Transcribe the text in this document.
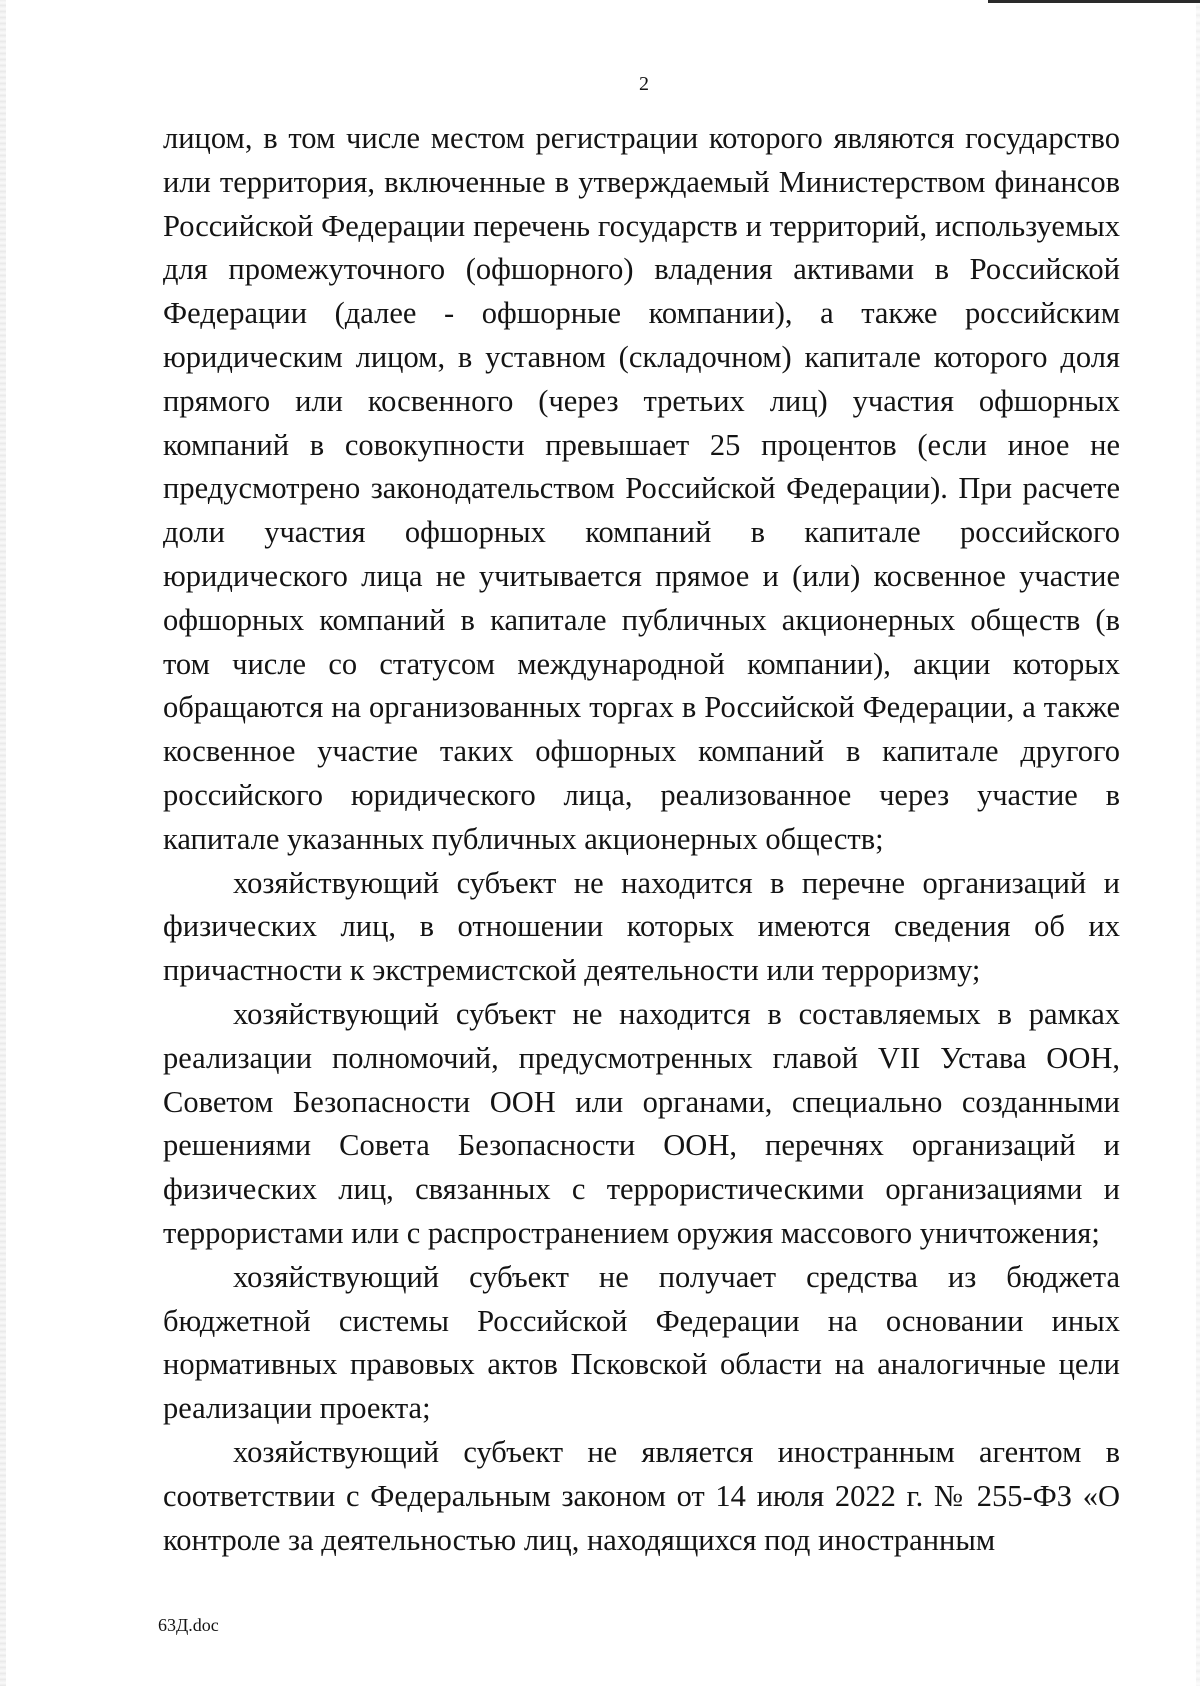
2

лицом, в том числе местом регистрации которого являются государство или территория, включенные в утверждаемый Министерством финансов Российской Федерации перечень государств и территорий, используемых для промежуточного (офшорного) владения активами в Российской Федерации (далее - офшорные компании), а также российским юридическим лицом, в уставном (складочном) капитале которого доля прямого или косвенного (через третьих лиц) участия офшорных компаний в совокупности превышает 25 процентов (если иное не предусмотрено законодательством Российской Федерации). При расчете доли участия офшорных компаний в капитале российского юридического лица не учитывается прямое и (или) косвенное участие офшорных компаний в капитале публичных акционерных обществ (в том числе со статусом международной компании), акции которых обращаются на организованных торгах в Российской Федерации, а также косвенное участие таких офшорных компаний в капитале другого российского юридического лица, реализованное через участие в капитале указанных публичных акционерных обществ;

хозяйствующий субъект не находится в перечне организаций и физических лиц, в отношении которых имеются сведения об их причастности к экстремистской деятельности или терроризму;

хозяйствующий субъект не находится в составляемых в рамках реализации полномочий, предусмотренных главой VII Устава ООН, Советом Безопасности ООН или органами, специально созданными решениями Совета Безопасности ООН, перечнях организаций и физических лиц, связанных с террористическими организациями и террористами или с распространением оружия массового уничтожения;

хозяйствующий субъект не получает средства из бюджета бюджетной системы Российской Федерации на основании иных нормативных правовых актов Псковской области на аналогичные цели реализации проекта;

хозяйствующий субъект не является иностранным агентом в соответствии с Федеральным законом от 14 июля 2022 г. № 255-ФЗ «О контроле за деятельностью лиц, находящихся под иностранным

63Д.doc
